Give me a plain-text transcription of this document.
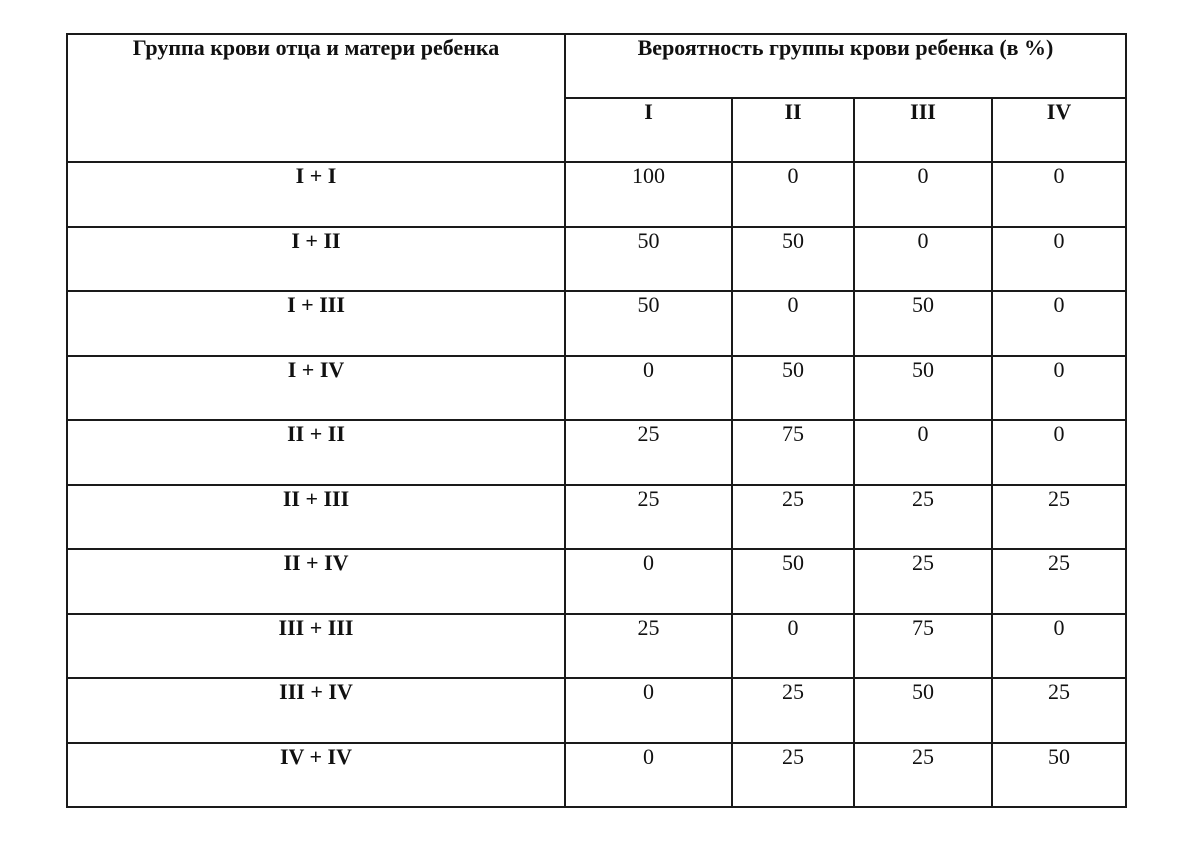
Группа крови отца и матери ребенка	Вероятность группы крови ребенка (в %)			
	I	II	III	IV
I + I	100	0	0	0
I + II	50	50	0	0
I + III	50	0	50	0
I + IV	0	50	50	0
II + II	25	75	0	0
II + III	25	25	25	25
II + IV	0	50	25	25
III + III	25	0	75	0
III + IV	0	25	50	25
IV + IV	0	25	25	50
